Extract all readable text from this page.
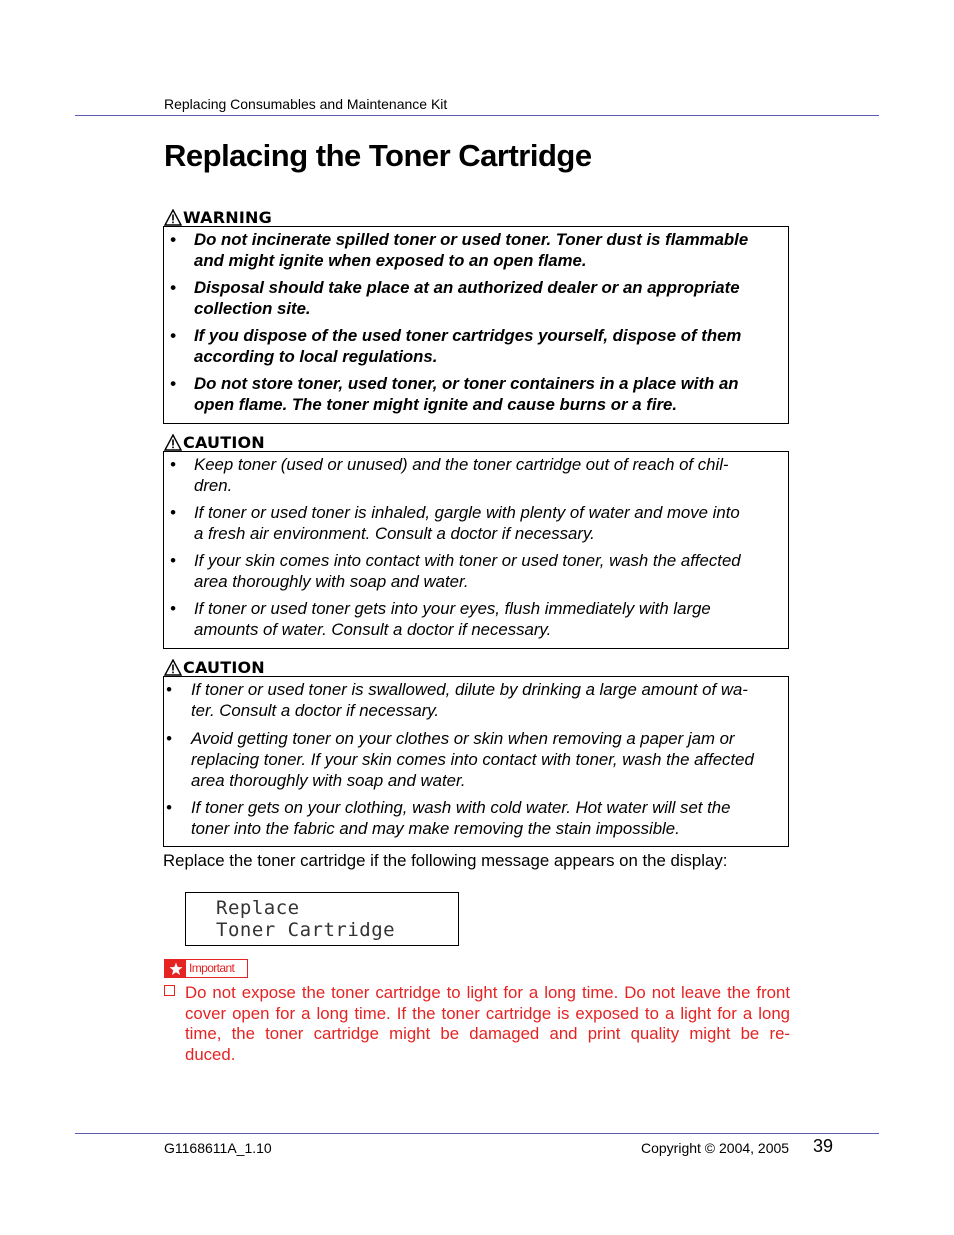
Replacing Consumables and Maintenance Kit
Replacing the Toner Cartridge
WARNING
• Do not incinerate spilled toner or used toner. Toner dust is flammable
and might ignite when exposed to an open flame.
• Disposal should take place at an authorized dealer or an appropriate
collection site.
• If you dispose of the used toner cartridges yourself, dispose of them
according to local regulations.
• Do not store toner, used toner, or toner containers in a place with an
open flame. The toner might ignite and cause burns or a fire.
CAUTION
• Keep toner (used or unused) and the toner cartridge out of reach of chil-
dren.
• If toner or used toner is inhaled, gargle with plenty of water and move into
a fresh air environment. Consult a doctor if necessary.
• If your skin comes into contact with toner or used toner, wash the affected
area thoroughly with soap and water.
• If toner or used toner gets into your eyes, flush immediately with large
amounts of water. Consult a doctor if necessary.
CAUTION
• If toner or used toner is swallowed, dilute by drinking a large amount of wa-
ter. Consult a doctor if necessary.
• Avoid getting toner on your clothes or skin when removing a paper jam or
replacing toner. If your skin comes into contact with toner, wash the affected
area thoroughly with soap and water.
• If toner gets on your clothing, wash with cold water. Hot water will set the
toner into the fabric and may make removing the stain impossible.
Replace the toner cartridge if the following message appears on the display:
Replace
Toner Cartridge
Important
Do not expose the toner cartridge to light for a long time. Do not leave the front
cover open for a long time. If the toner cartridge is exposed to a light for a long
time, the toner cartridge might be damaged and print quality might be re-
duced.
G1168611A_1.10	Copyright © 2004, 2005 39
